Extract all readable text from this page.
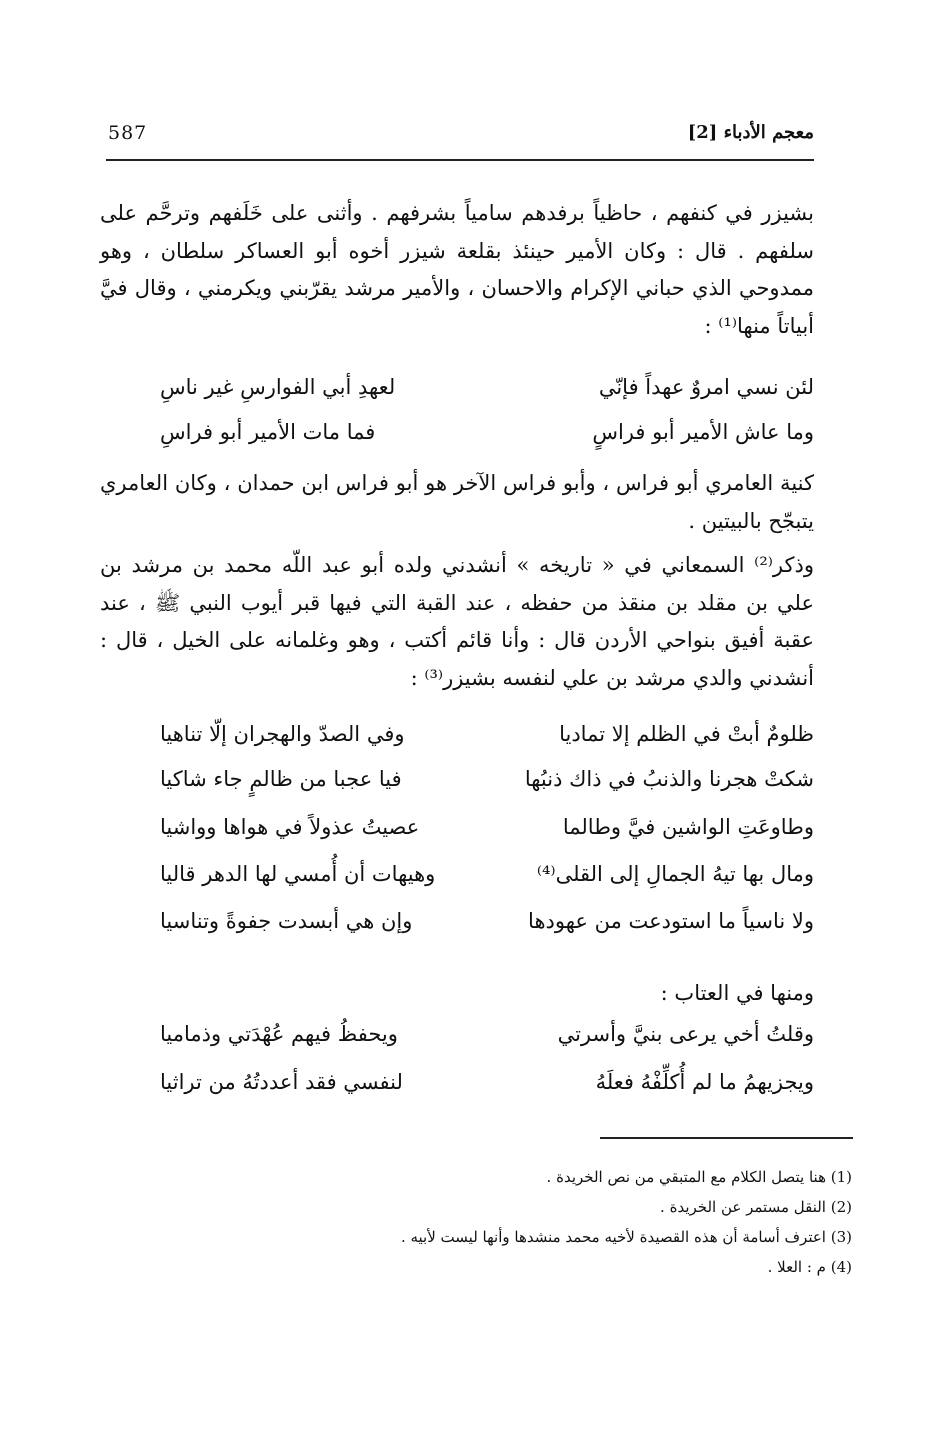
معجم الأدباء [2]
587

بشيزر في كنفهم ، حاظياً برفدهم سامياً بشرفهم . وأثنى على خَلَفهم وترحَّم على سلفهم . قال : وكان الأمير حينئذ بقلعة شيزر أخوه أبو العساكر سلطان ، وهو ممدوحي الذي حباني الإكرام والاحسان ، والأمير مرشد يقرّبني ويكرمني ، وقال فيَّ أبياتاً منها⁽¹⁾ :

لئن نسي امروٌ عهداً فإنّي
لعهدِ أبي الفوارسِ غير ناسِ
وما عاش الأمير أبو فراسٍ
فما مات الأمير أبو فراسِ

كنية العامري أبو فراس ، وأبو فراس الآخر هو أبو فراس ابن حمدان ، وكان العامري يتبجّح بالبيتين .

وذكر⁽²⁾ السمعاني في « تاريخه » أنشدني ولده أبو عبد اللّه محمد بن مرشد بن علي بن مقلد بن منقذ من حفظه ، عند القبة التي فيها قبر أيوب النبي ﷺ ، عند عقبة أفيق بنواحي الأردن قال : وأنا قائم أكتب ، وهو وغلمانه على الخيل ، قال : أنشدني والدي مرشد بن علي لنفسه بشيزر⁽³⁾ :

ظلومٌ أبتْ في الظلم إلا تماديا
وفي الصدّ والهجران إلّا تناهيا
شكتْ هجرنا والذنبُ في ذاك ذنبُها
فيا عجبا من ظالمٍ جاء شاكيا
وطاوعَتِ الواشين فيَّ وطالما
عصيتُ عذولاً في هواها وواشيا
ومال بها تيهُ الجمالِ إلى القلى⁽⁴⁾
وهيهات أن أُمسي لها الدهر قاليا
ولا ناسياً ما استودعت من عهودها
وإن هي أبسدت جفوةً وتناسيا

ومنها في العتاب :

وقلتُ أخي يرعى بنيَّ وأسرتي
ويحفظُ فيهم عُهْدَتي وذماميا
ويجزيهمُ ما لم أُكلِّفْهُ فعلَهُ
لنفسي فقد أعددتُهُ من تراثيا
(1) هنا يتصل الكلام مع المتبقي من نص الخريدة .
(2) النقل مستمر عن الخريدة .
(3) اعترف أسامة أن هذه القصيدة لأخيه محمد منشدها وأنها ليست لأبيه .
(4) م : العلا .
